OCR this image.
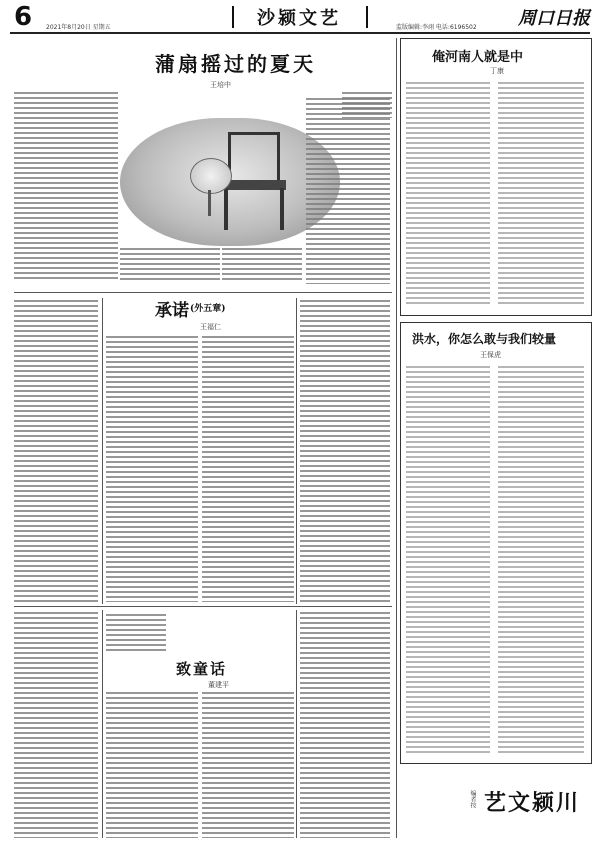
6 2021年8月20日 星期五	沙颍文艺	监版编辑:李翊 电话:6196502 周口日报
蒲扇摇过的夏天
王培中
承诺 (外五章)
王福仁
致童话
董建平
俺河南人就是中
丁康
洪水，你怎么敢与我们较量
王保虎
编者按 艺文颍川
